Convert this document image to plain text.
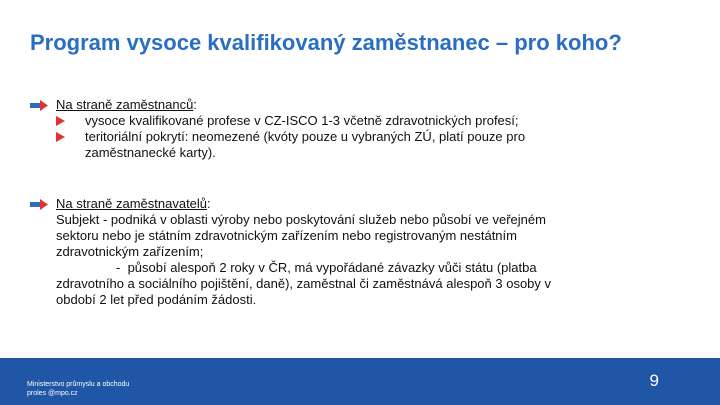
Program vysoce kvalifikovaný zaměstnanec – pro koho?
Na straně zaměstnanců:
vysoce kvalifikované profese v CZ-ISCO 1-3 včetně zdravotnických profesí;
teritoriální pokrytí: neomezené (kvóty pouze u vybraných ZÚ, platí pouze pro
zaměstnanecké karty).
Na straně zaměstnavatelů:
Subjekt - podniká v oblasti výroby nebo poskytování služeb nebo působí ve veřejném
sektoru nebo je státním zdravotnickým zařízením nebo registrovaným nestátním
zdravotnickým zařízením;
- působí alespoň 2 roky v ČR, má vypořádané závazky vůči státu (platba
zdravotního a sociálního pojištění, daně), zaměstnal či zaměstnává alespoň 3 osoby v
období 2 let před podáním žádosti.
Ministerstvo průmyslu a obchodu
proles @mpo.cz
9
